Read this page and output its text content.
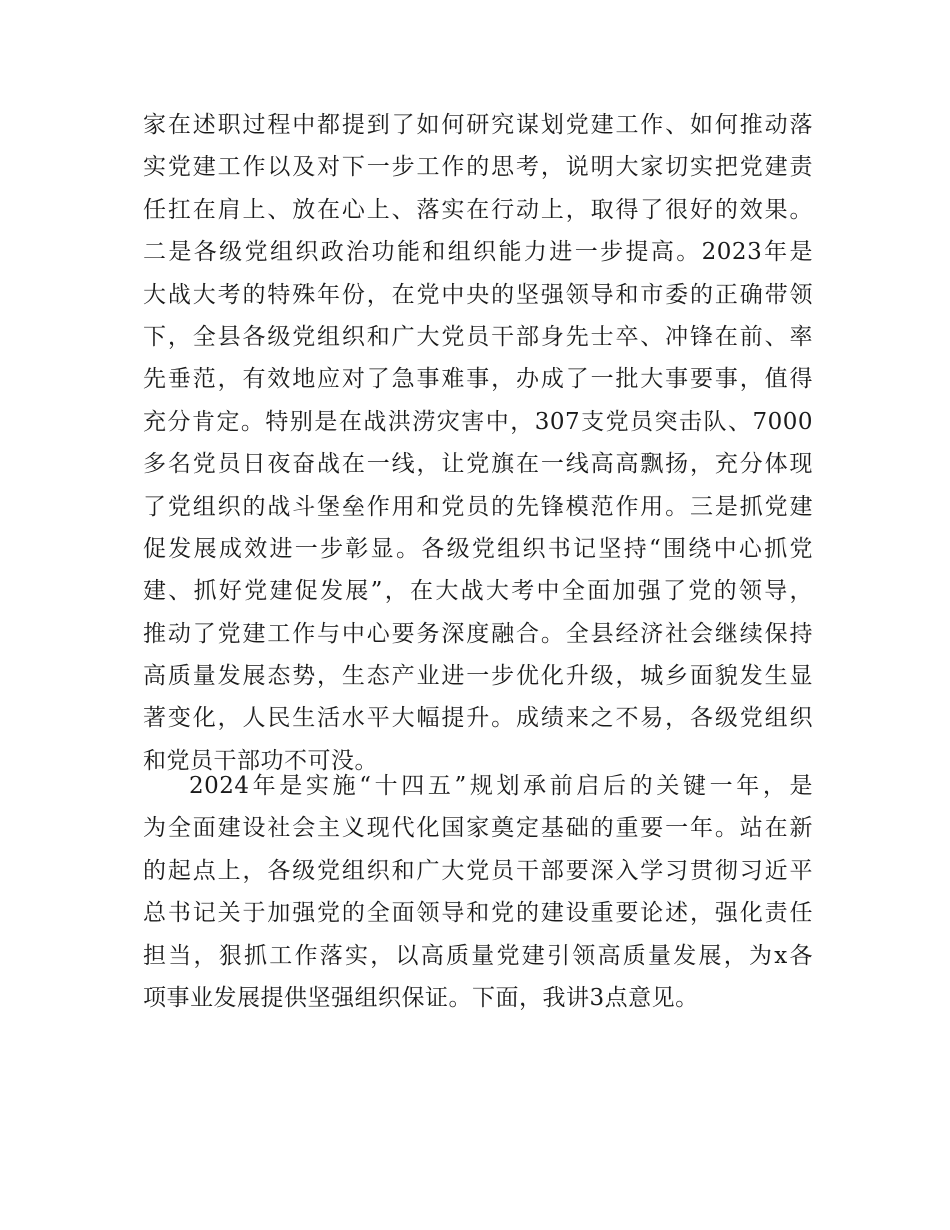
家在述职过程中都提到了如何研究谋划党建工作、如何推动落
实党建工作以及对下一步工作的思考，说明大家切实把党建责
任扛在肩上、放在心上、落实在行动上，取得了很好的效果。
二是各级党组织政治功能和组织能力进一步提高。2023年是
大战大考的特殊年份，在党中央的坚强领导和市委的正确带领
下，全县各级党组织和广大党员干部身先士卒、冲锋在前、率
先垂范，有效地应对了急事难事，办成了一批大事要事，值得
充分肯定。特别是在战洪涝灾害中，307支党员突击队、7000
多名党员日夜奋战在一线，让党旗在一线高高飘扬，充分体现
了党组织的战斗堡垒作用和党员的先锋模范作用。三是抓党建
促发展成效进一步彰显。各级党组织书记坚持“围绕中心抓党
建、抓好党建促发展”，在大战大考中全面加强了党的领导，
推动了党建工作与中心要务深度融合。全县经济社会继续保持
高质量发展态势，生态产业进一步优化升级，城乡面貌发生显
著变化，人民生活水平大幅提升。成绩来之不易，各级党组织
和党员干部功不可没。
2024年是实施“十四五”规划承前启后的关键一年，是
为全面建设社会主义现代化国家奠定基础的重要一年。站在新
的起点上，各级党组织和广大党员干部要深入学习贯彻习近平
总书记关于加强党的全面领导和党的建设重要论述，强化责任
担当，狠抓工作落实，以高质量党建引领高质量发展，为x各
项事业发展提供坚强组织保证。下面，我讲3点意见。
